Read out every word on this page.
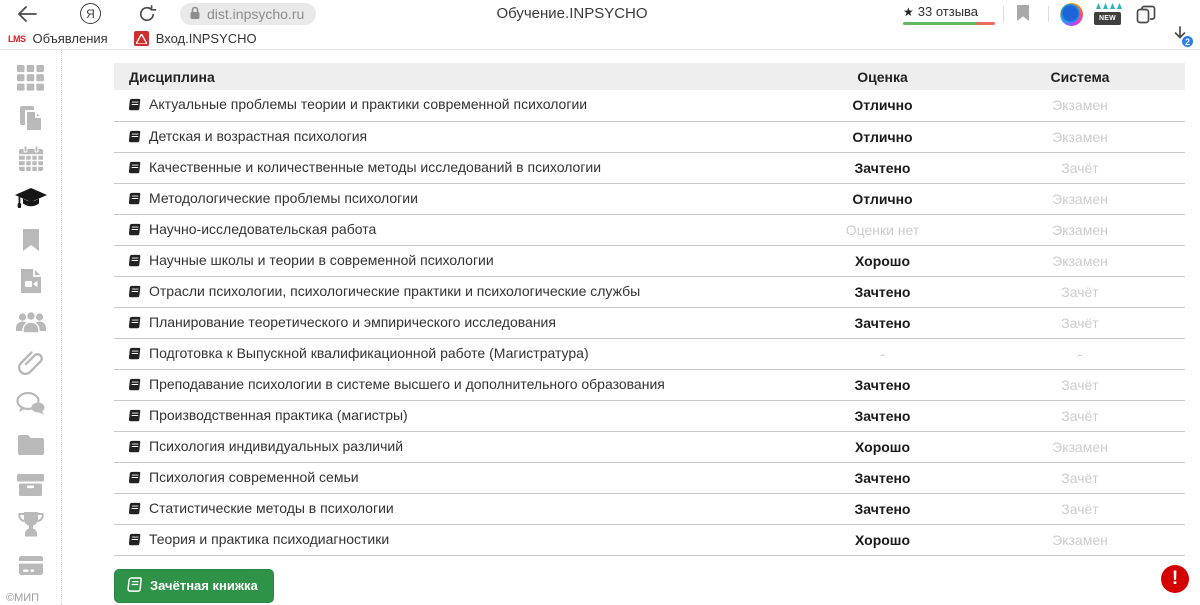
Я	dist.inpsycho.ru	Обучение.INPSYCHO	★ 33 отзыва	NEW
2
LMS Объявления	Вход.INPSYCHO
©МИП
Дисциплина	Оценка	Система
Актуальные проблемы теории и практики современной психологии	Отлично	Экзамен
Детская и возрастная психология	Отлично	Экзамен
Качественные и количественные методы исследований в психологии	Зачтено	Зачёт
Методологические проблемы психологии	Отлично	Экзамен
Научно-исследовательская работа	Оценки нет	Экзамен
Научные школы и теории в современной психологии	Хорошо	Экзамен
Отрасли психологии, психологические практики и психологические службы	Зачтено	Зачёт
Планирование теоретического и эмпирического исследования	Зачтено	Зачёт
Подготовка к Выпускной квалификационной работе (Магистратура)	-	-
Преподавание психологии в системе высшего и дополнительного образования	Зачтено	Зачёт
Производственная практика (магистры)	Зачтено	Зачёт
Психология индивидуальных различий	Хорошо	Экзамен
Психология современной семьи	Зачтено	Зачёт
Статистические методы в психологии	Зачтено	Зачёт
Теория и практика психодиагностики	Хорошо	Экзамен
Зачётная книжка	!
